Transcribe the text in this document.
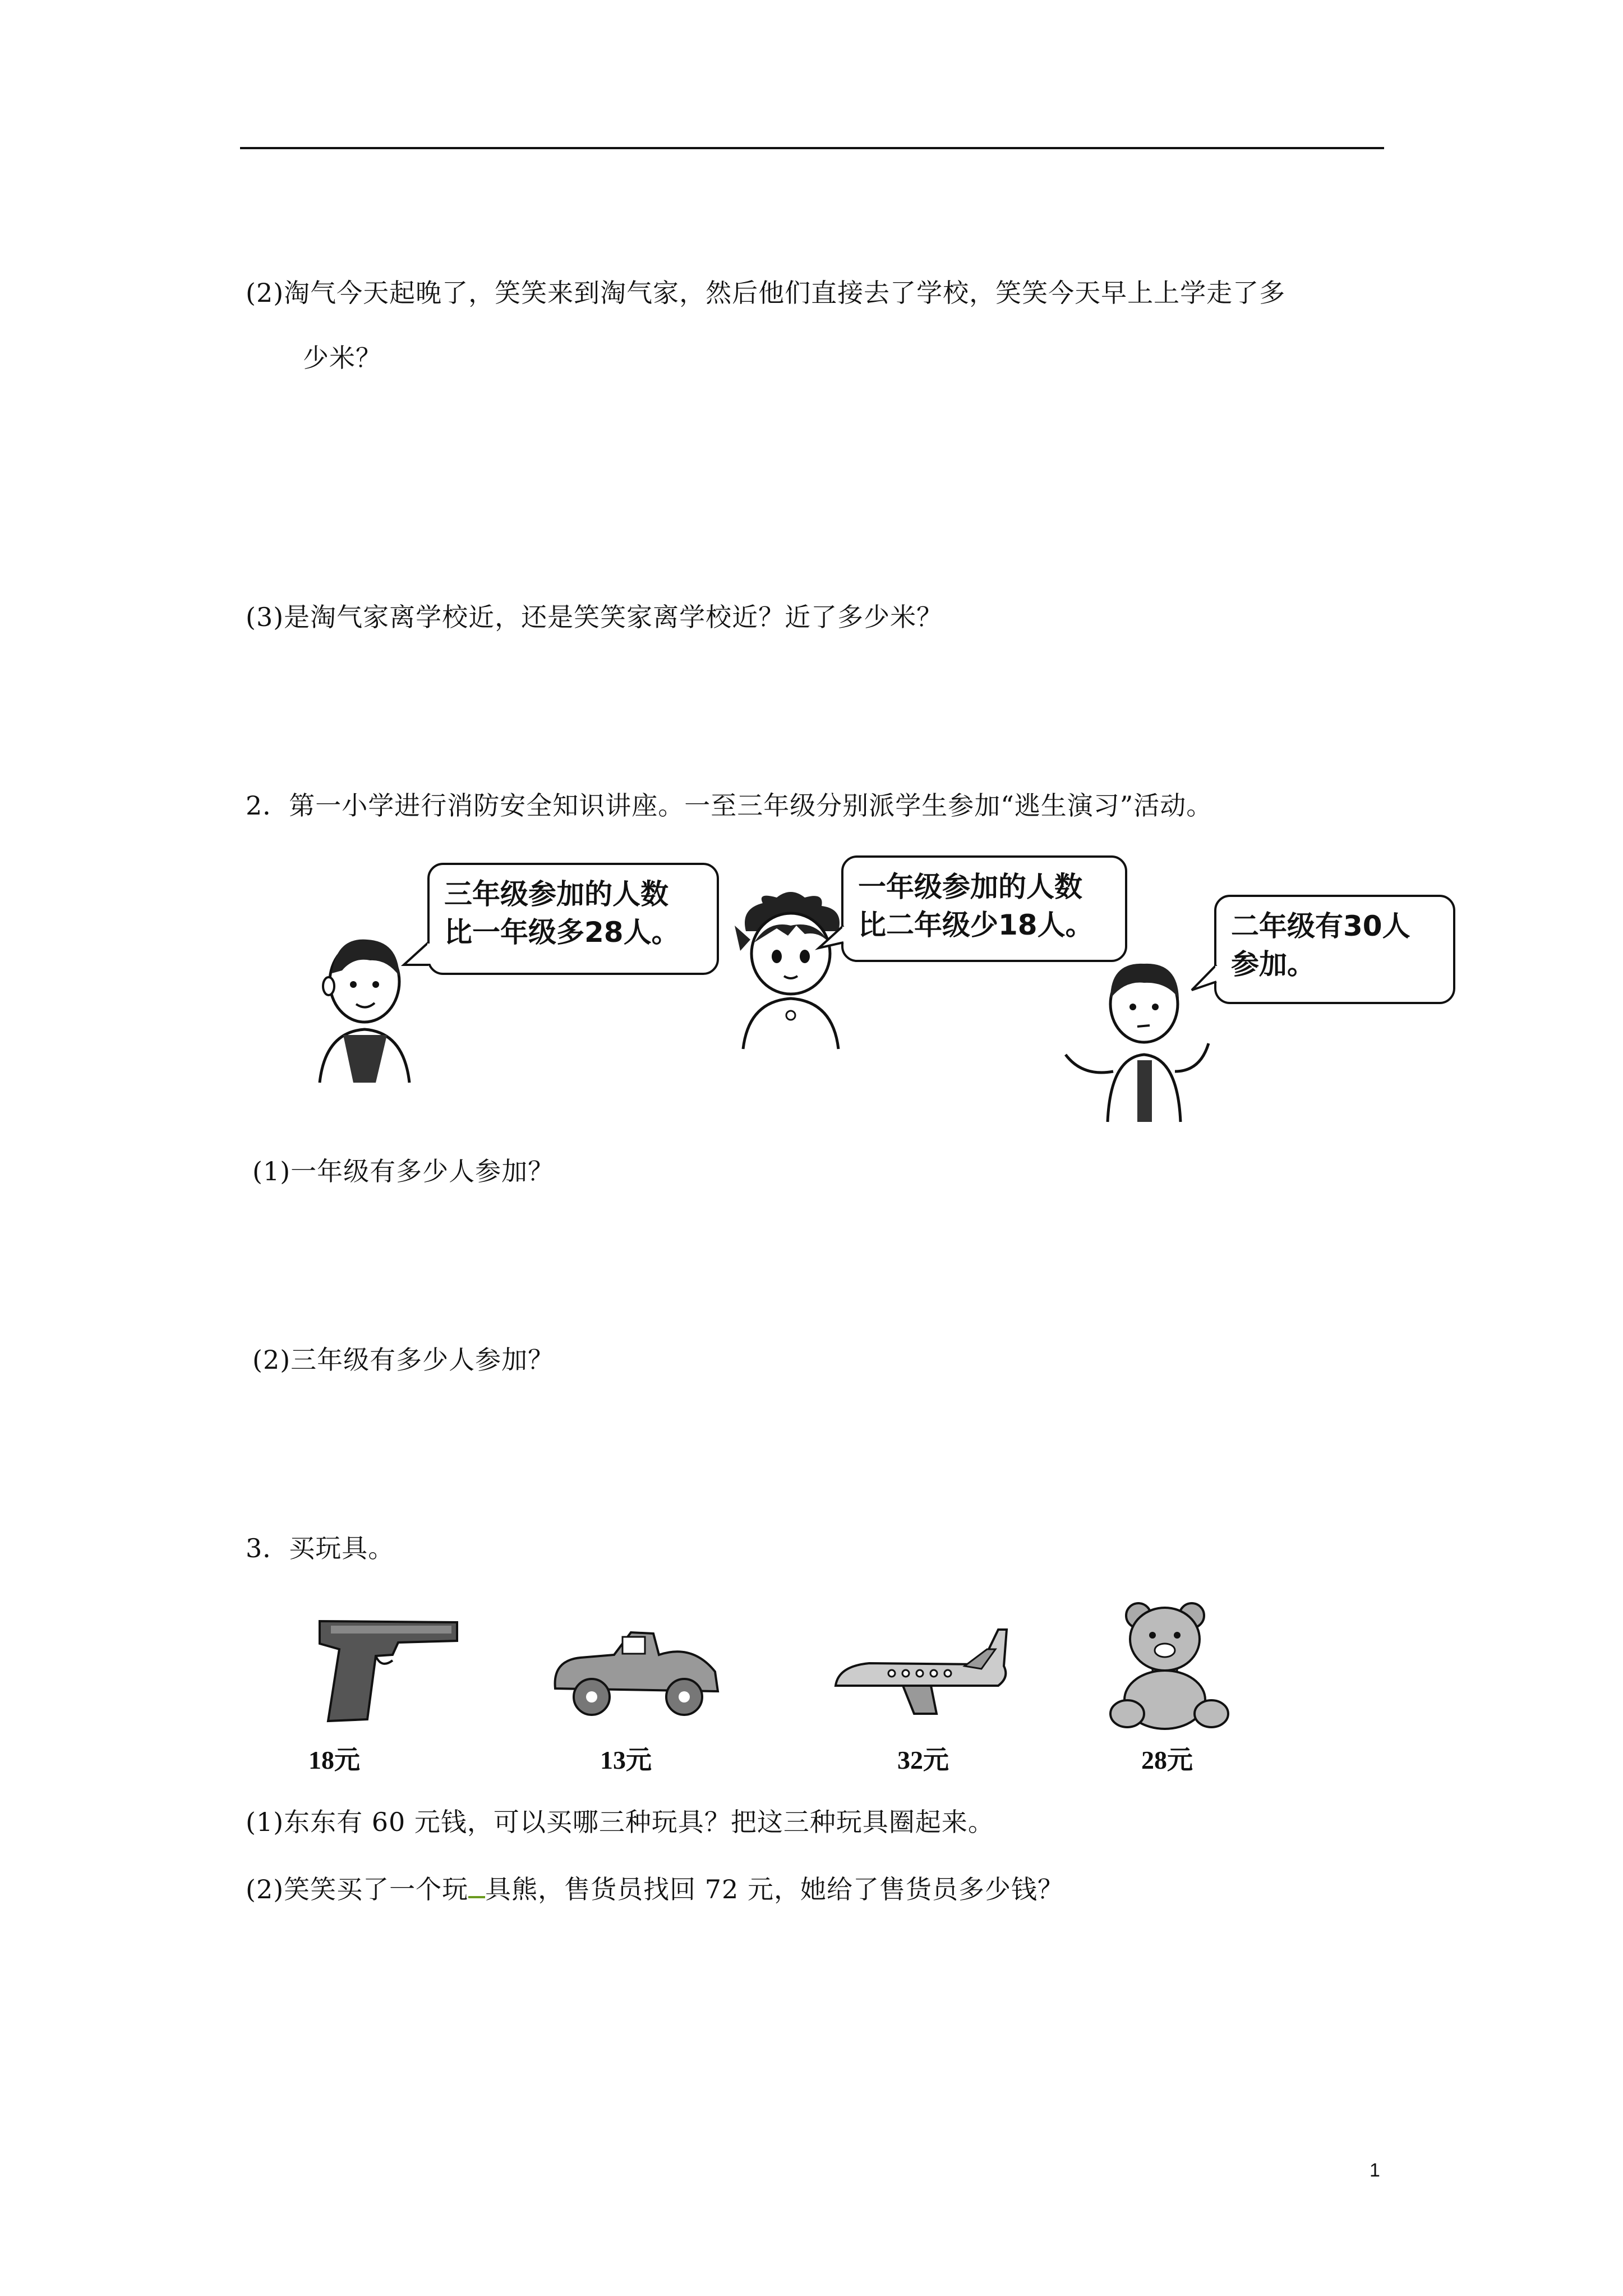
(2)淘气今天起晚了，笑笑来到淘气家，然后他们直接去了学校，笑笑今天早上上学走了多
少米？
(3)是淘气家离学校近，还是笑笑家离学校近？近了多少米？
2．第一小学进行消防安全知识讲座。一至三年级分别派学生参加“逃生演习”活动。
三年级参加的人数
比一年级多28人。
一年级参加的人数
比二年级少18人。	二年级有30人
参加。
(1)一年级有多少人参加？
(2)三年级有多少人参加？
3．买玩具。
18元	13元	32元	28元
(1)东东有 60 元钱，可以买哪三种玩具？把这三种玩具圈起来。
(2)笑笑买了一个玩 具熊，售货员找回 72 元，她给了售货员多少钱？
1
